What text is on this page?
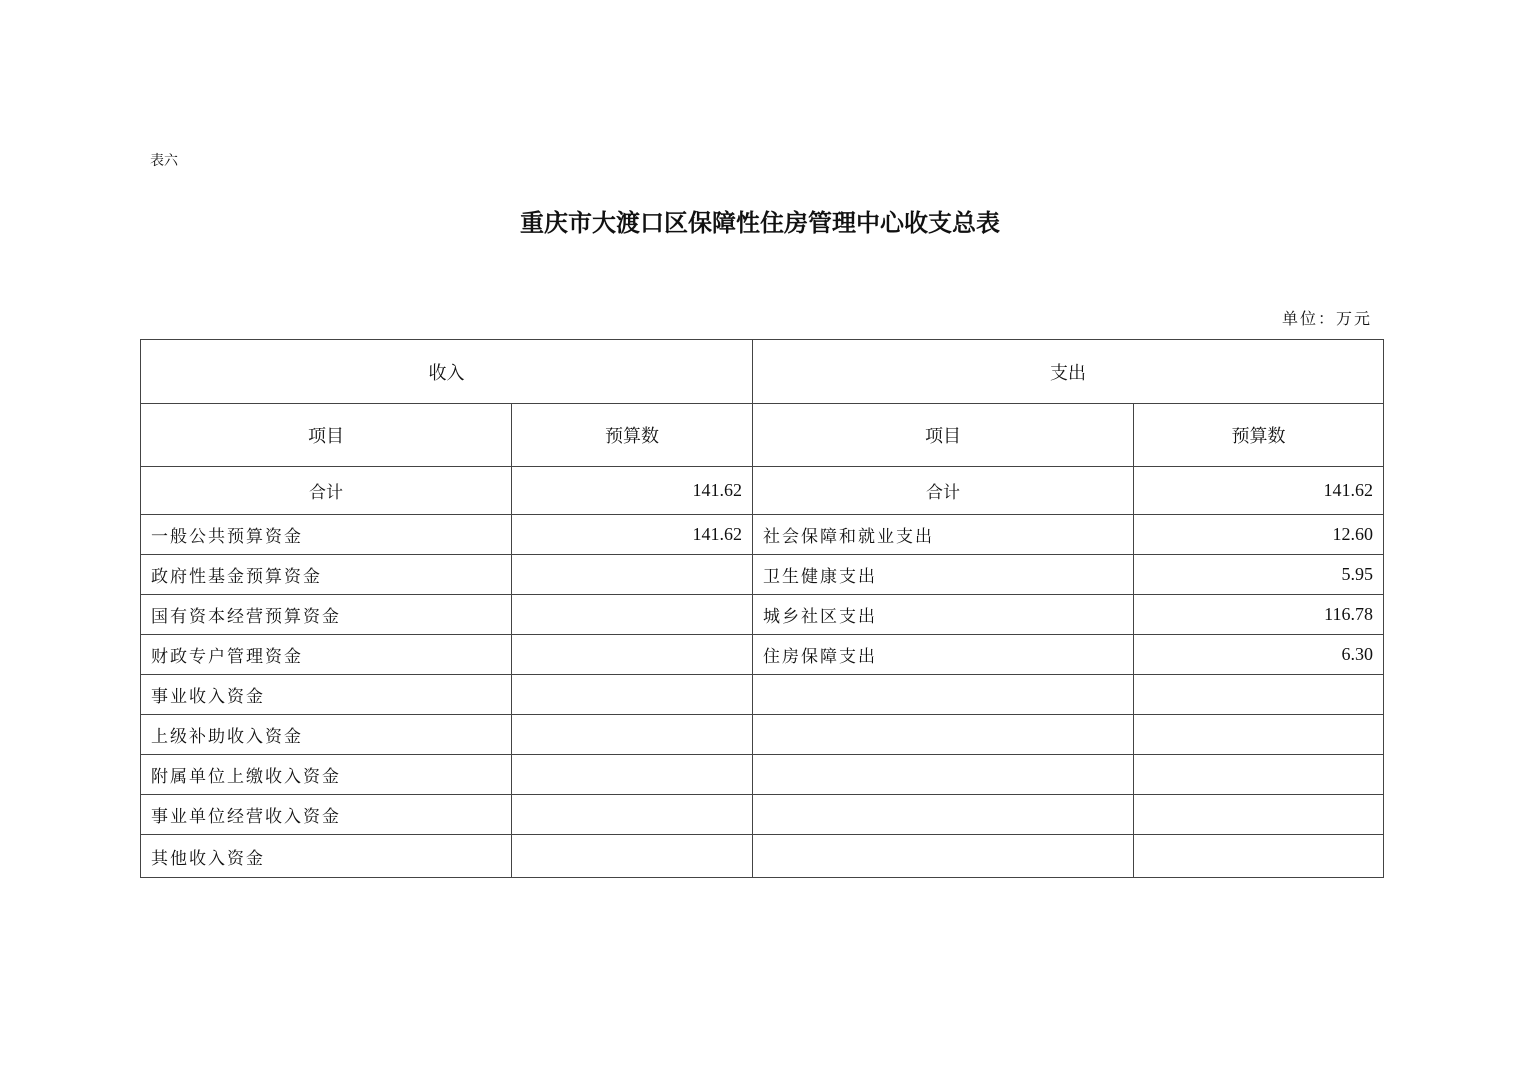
表六
重庆市大渡口区保障性住房管理中心收支总表
单位：万元
收入		支出	
项目	预算数	项目	预算数
合计	141.62	合计	141.62
一般公共预算资金	141.62	社会保障和就业支出	12.60
政府性基金预算资金		卫生健康支出	5.95
国有资本经营预算资金		城乡社区支出	116.78
财政专户管理资金		住房保障支出	6.30
事业收入资金			
上级补助收入资金			
附属单位上缴收入资金			
事业单位经营收入资金			
其他收入资金			
